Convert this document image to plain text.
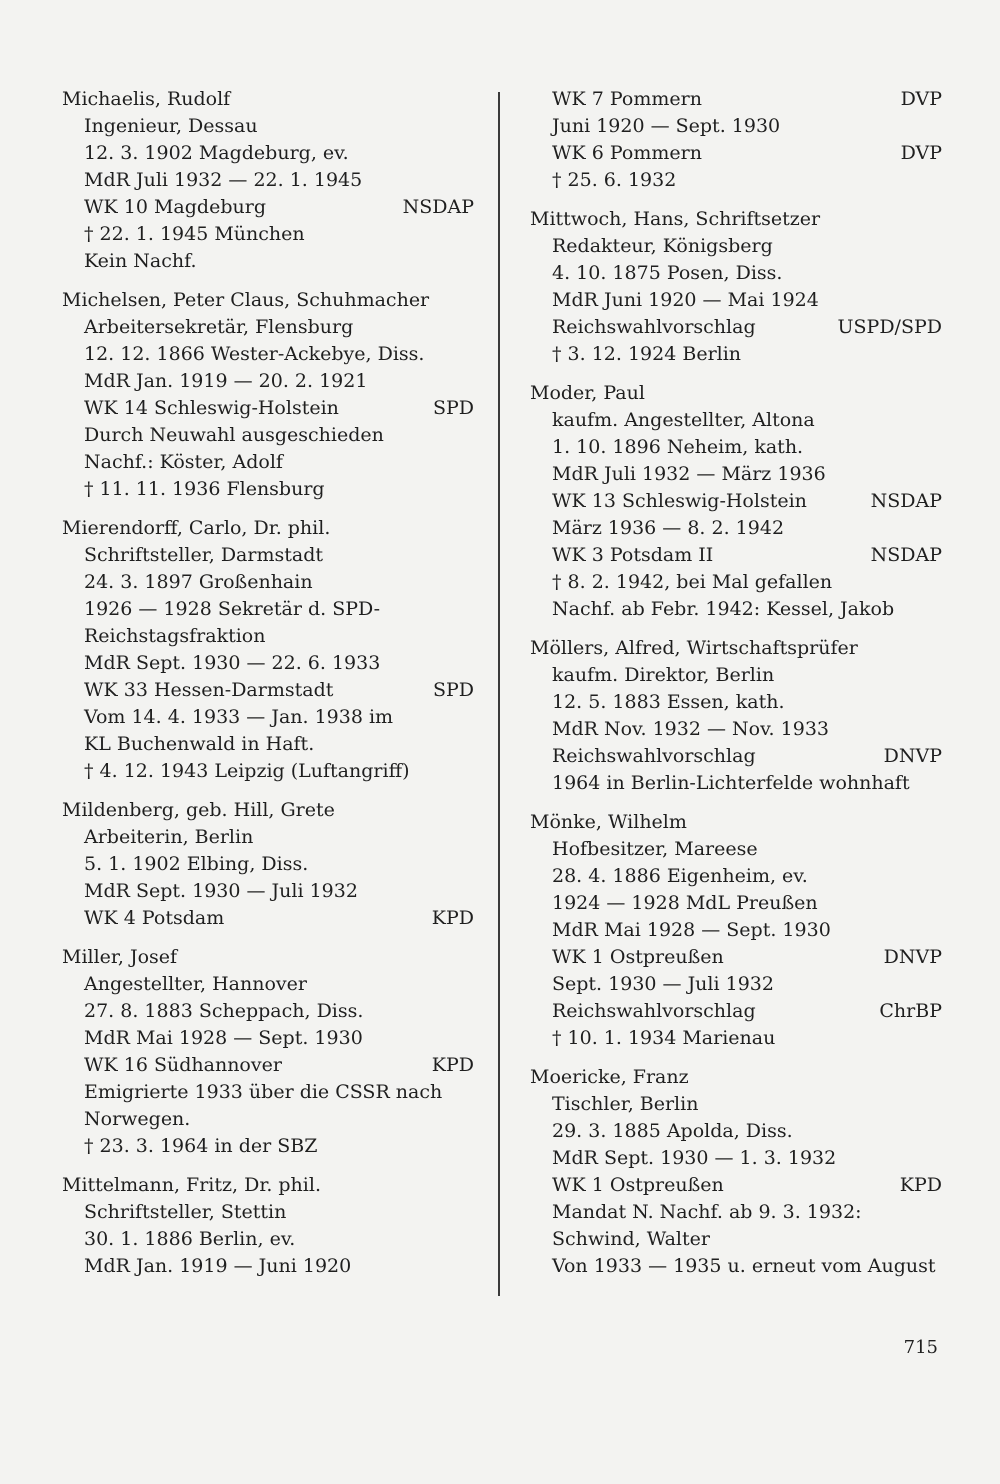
Michaelis, Rudolf
Ingenieur, Dessau
12. 3. 1902 Magdeburg, ev.
MdR Juli 1932 — 22. 1. 1945
WK 10 Magdeburg	NSDAP
† 22. 1. 1945 München
Kein Nachf.
Michelsen, Peter Claus, Schuhmacher
Arbeitersekretär, Flensburg
12. 12. 1866 Wester-Ackebye, Diss.
MdR Jan. 1919 — 20. 2. 1921
WK 14 Schleswig-Holstein	SPD
Durch Neuwahl ausgeschieden
Nachf.: Köster, Adolf
† 11. 11. 1936 Flensburg
Mierendorff, Carlo, Dr. phil.
Schriftsteller, Darmstadt
24. 3. 1897 Großenhain
1926 — 1928 Sekretär d. SPD-
Reichstagsfraktion
MdR Sept. 1930 — 22. 6. 1933
WK 33 Hessen-Darmstadt	SPD
Vom 14. 4. 1933 — Jan. 1938 im
KL Buchenwald in Haft.
† 4. 12. 1943 Leipzig (Luftangriff)
Mildenberg, geb. Hill, Grete
Arbeiterin, Berlin
5. 1. 1902 Elbing, Diss.
MdR Sept. 1930 — Juli 1932
WK 4 Potsdam	KPD
Miller, Josef
Angestellter, Hannover
27. 8. 1883 Scheppach, Diss.
MdR Mai 1928 — Sept. 1930
WK 16 Südhannover	KPD
Emigrierte 1933 über die CSSR nach
Norwegen.
† 23. 3. 1964 in der SBZ
Mittelmann, Fritz, Dr. phil.
Schriftsteller, Stettin
30. 1. 1886 Berlin, ev.
MdR Jan. 1919 — Juni 1920
WK 7 Pommern	DVP
Juni 1920 — Sept. 1930
WK 6 Pommern	DVP
† 25. 6. 1932
Mittwoch, Hans, Schriftsetzer
Redakteur, Königsberg
4. 10. 1875 Posen, Diss.
MdR Juni 1920 — Mai 1924
Reichswahlvorschlag	USPD/SPD
† 3. 12. 1924 Berlin
Moder, Paul
kaufm. Angestellter, Altona
1. 10. 1896 Neheim, kath.
MdR Juli 1932 — März 1936
WK 13 Schleswig-Holstein	NSDAP
März 1936 — 8. 2. 1942
WK 3 Potsdam II	NSDAP
† 8. 2. 1942, bei Mal gefallen
Nachf. ab Febr. 1942: Kessel, Jakob
Möllers, Alfred, Wirtschaftsprüfer
kaufm. Direktor, Berlin
12. 5. 1883 Essen, kath.
MdR Nov. 1932 — Nov. 1933
Reichswahlvorschlag	DNVP
1964 in Berlin-Lichterfelde wohnhaft
Mönke, Wilhelm
Hofbesitzer, Mareese
28. 4. 1886 Eigenheim, ev.
1924 — 1928 MdL Preußen
MdR Mai 1928 — Sept. 1930
WK 1 Ostpreußen	DNVP
Sept. 1930 — Juli 1932
Reichswahlvorschlag	ChrBP
† 10. 1. 1934 Marienau
Moericke, Franz
Tischler, Berlin
29. 3. 1885 Apolda, Diss.
MdR Sept. 1930 — 1. 3. 1932
WK 1 Ostpreußen	KPD
Mandat N. Nachf. ab 9. 3. 1932:
Schwind, Walter
Von 1933 — 1935 u. erneut vom August
715
